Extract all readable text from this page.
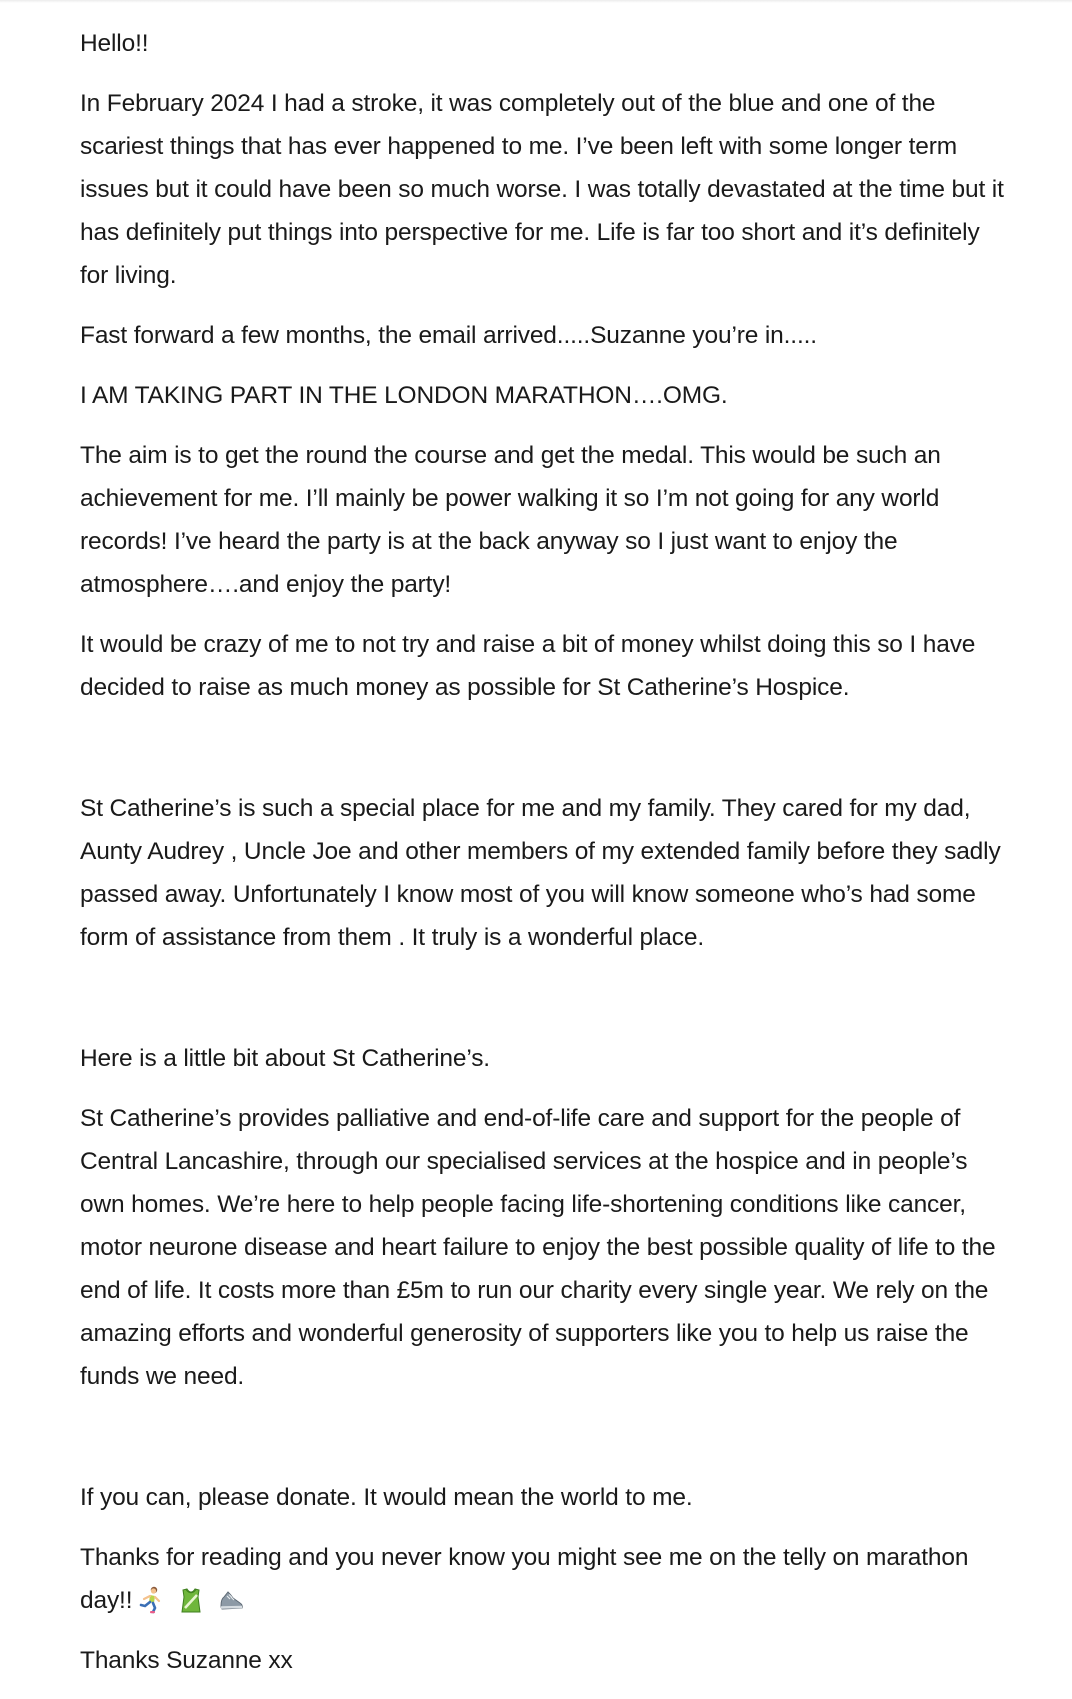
Hello!!

In February 2024 I had a stroke, it was completely out of the blue and one of the scariest things that has ever happened to me. I’ve been left with some longer term issues but it could have been so much worse. I was totally devastated at the time but it has definitely put things into perspective for me. Life is far too short and it’s definitely for living.

Fast forward a few months, the email arrived.....Suzanne you’re in.....

I AM TAKING PART IN THE LONDON MARATHON….OMG.

The aim is to get the round the course and get the medal. This would be such an achievement for me. I’ll mainly be power walking it so I’m not going for any world records! I’ve heard the party is at the back anyway so I just want to enjoy the atmosphere….and enjoy the party!

It would be crazy of me to not try and raise a bit of money whilst doing this so I have decided to raise as much money as possible for St Catherine’s Hospice.

St Catherine’s is such a special place for me and my family. They cared for my dad, Aunty Audrey , Uncle Joe and other members of my extended family before they sadly passed away. Unfortunately I know most of you will know someone who’s had some form of assistance from them . It truly is a wonderful place.

Here is a little bit about St Catherine’s.

St Catherine’s provides palliative and end-of-life care and support for the people of Central Lancashire, through our specialised services at the hospice and in people’s own homes. We’re here to help people facing life-shortening conditions like cancer, motor neurone disease and heart failure to enjoy the best possible quality of life to the end of life. It costs more than £5m to run our charity every single year. We rely on the amazing efforts and wonderful generosity of supporters like you to help us raise the funds we need.

If you can, please donate. It would mean the world to me.

Thanks for reading and you never know you might see me on the telly on marathon day!!

Thanks Suzanne xx
